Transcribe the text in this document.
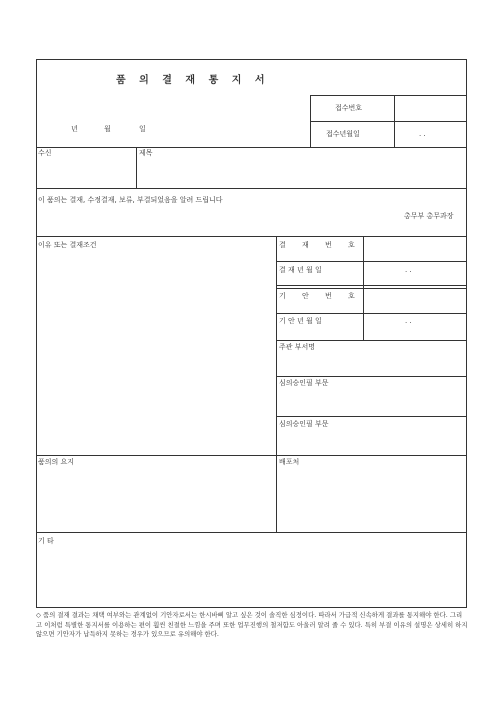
품 의 결 재 통 지 서
년	월	일
접수번호
접수년월일	. .
수신	제목
이 품의는 결재, 수정결재, 보류, 부결되었음을 알려 드립니다
총무부 총무과장
이유 또는 결재조건	결 재 번 호
결 재 년 월 일	. .
기 안 번 호
기 안 년 월 일	. .
주관 부서명
심의승인필 부문
심의승인필 부문
품의의 요지	배포처
기 타
◇ 품의 결재 결과는 채택 여부와는 관계없이 기안자로서는 한시바삐 알고 싶은 것이 솔직한 심정이다. 따라서 가급적 신속하게 결과를 통지해야 한다. 그리고 이처럼 특별한 통지서를 이용하는 편이 훨씬 친절한 느낌을 주며 또한 업무진행의 철저함도 아울러 알려 줄 수 있다. 특히 부결 이유의 설명은 상세히 하지 않으면 기안자가 납득하지 못하는 경우가 있으므로 유의해야 한다.
